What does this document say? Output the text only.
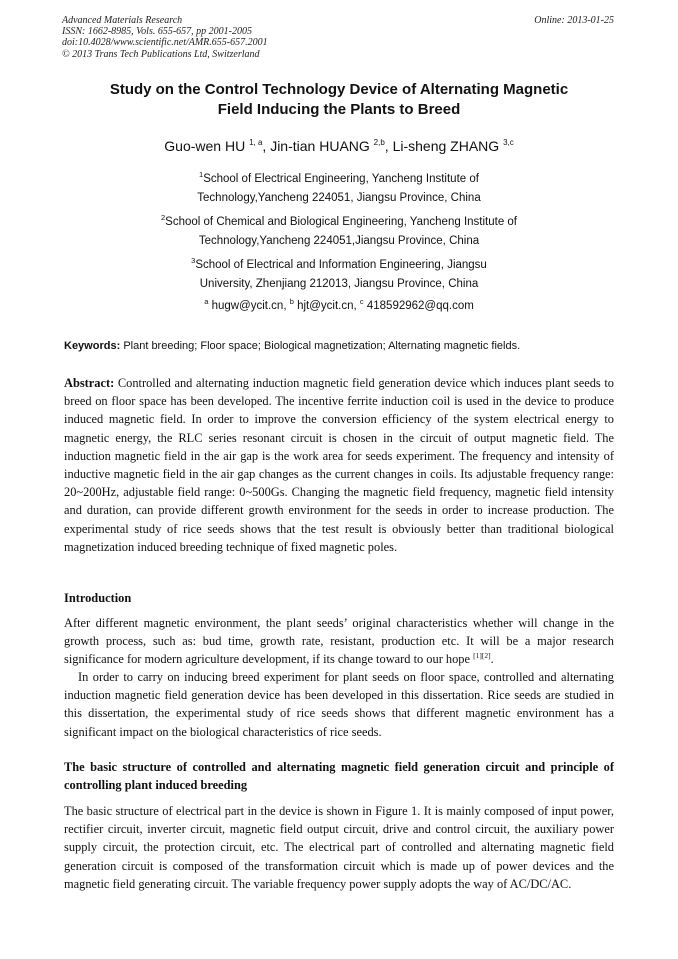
Advanced Materials Research
ISSN: 1662-8985, Vols. 655-657, pp 2001-2005
doi:10.4028/www.scientific.net/AMR.655-657.2001
© 2013 Trans Tech Publications Ltd, Switzerland
Online: 2013-01-25
Study on the Control Technology Device of Alternating Magnetic
Field Inducing the Plants to Breed
Guo-wen HU $^{1, a}$, Jin-tian HUANG $^{2,b}$, Li-sheng ZHANG $^{3,c}$
$^1$School of Electrical Engineering, Yancheng Institute of
Technology,Yancheng 224051, Jiangsu Province, China
$^2$School of Chemical and Biological Engineering, Yancheng Institute of
Technology,Yancheng 224051,Jiangsu Province, China
$^3$School of Electrical and Information Engineering, Jiangsu
University, Zhenjiang 212013, Jiangsu Province, China
$^a$ hugw@ycit.cn, $^b$ hjt@ycit.cn, $^c$ 418592962@qq.com
Keywords: Plant breeding; Floor space; Biological magnetization; Alternating magnetic fields.
Abstract: Controlled and alternating induction magnetic field generation device which induces plant seeds to breed on floor space has been developed. The incentive ferrite induction coil is used in the device to produce induced magnetic field. In order to improve the conversion efficiency of the system electrical energy to magnetic energy, the RLC series resonant circuit is chosen in the circuit of output magnetic field. The induction magnetic field in the air gap is the work area for seeds experiment. The frequency and intensity of inductive magnetic field in the air gap changes as the current changes in coils. Its adjustable frequency range: 20~200Hz, adjustable field range: 0~500Gs. Changing the magnetic field frequency, magnetic field intensity and duration, can provide different growth environment for the seeds in order to increase production. The experimental study of rice seeds shows that the test result is obviously better than traditional biological magnetization induced breeding technique of fixed magnetic poles.
Introduction
After different magnetic environment, the plant seeds’ original characteristics whether will change in the growth process, such as: bud time, growth rate, resistant, production etc. It will be a major research significance for modern agriculture development, if its change toward to our hope [1][2].
In order to carry on inducing breed experiment for plant seeds on floor space, controlled and alternating induction magnetic field generation device has been developed in this dissertation. Rice seeds are studied in this dissertation, the experimental study of rice seeds shows that different magnetic environment has a significant impact on the biological characteristics of rice seeds.
The basic structure of controlled and alternating magnetic field generation circuit and principle of controlling plant induced breeding
The basic structure of electrical part in the device is shown in Figure 1. It is mainly composed of input power, rectifier circuit, inverter circuit, magnetic field output circuit, drive and control circuit, the auxiliary power supply circuit, the protection circuit, etc. The electrical part of controlled and alternating magnetic field generation circuit is composed of the transformation circuit which is made up of power devices and the magnetic field generating circuit. The variable frequency power supply adopts the way of AC/DC/AC.
